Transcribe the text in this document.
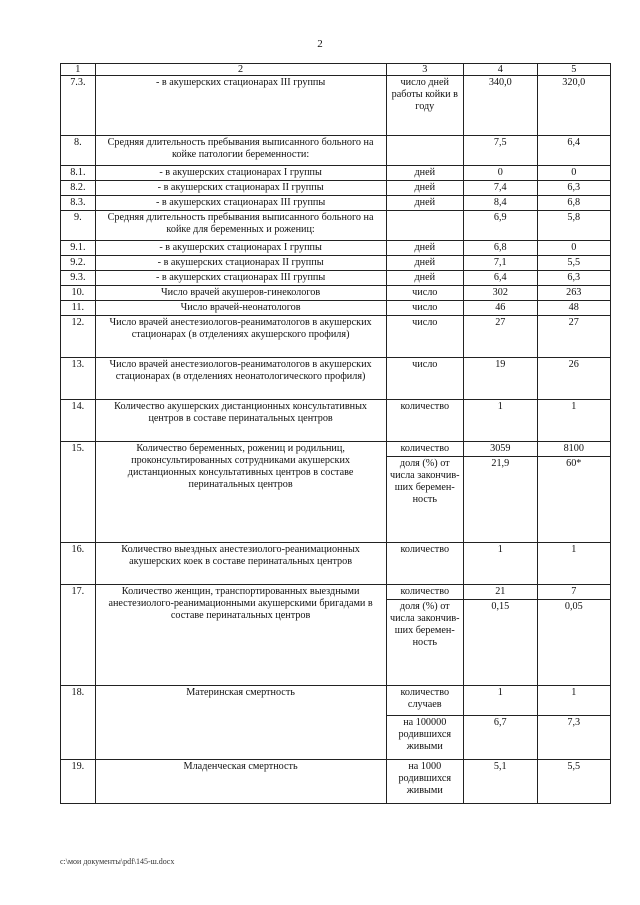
2
1	2	3	4	5
7.3.	- в акушерских стационарах III группы	число дней работы койки в году	340,0	320,0
8.	Средняя длительность пребывания выписанного больного на койке патологии беременности:		7,5	6,4
8.1.	- в акушерских стационарах I группы	дней	0	0
8.2.	- в акушерских стационарах II группы	дней	7,4	6,3
8.3.	- в акушерских стационарах III группы	дней	8,4	6,8
9.	Средняя длительность пребывания выписанного больного на койке для беременных и рожениц:		6,9	5,8
9.1.	- в акушерских стационарах I группы	дней	6,8	0
9.2.	- в акушерских стационарах II группы	дней	7,1	5,5
9.3.	- в акушерских стационарах III группы	дней	6,4	6,3
10.	Число врачей акушеров-гинекологов	число	302	263
11.	Число врачей-неонатологов	число	46	48
12.	Число врачей анестезиологов-реаниматологов в акушерских стационарах (в отделениях акушерского профиля)	число	27	27
13.	Число врачей анестезиологов-реаниматологов в акушерских стационарах (в отделениях неонатологического профиля)	число	19	26
14.	Количество акушерских дистанционных консультативных центров в составе перинатальных центров	количество	1	1
15.	Количество беременных, рожениц и родильниц, проконсультированных сотрудниками акушерских дистанционных консультативных центров в составе перинатальных центров	количество	3059	8100
		доля (%) от числа закончив-ших беремен-ность	21,9	60*
16.	Количество выездных анестезиолого-реанимационных акушерских коек в составе перинатальных центров	количество	1	1
17.	Количество женщин, транспортированных выездными анестезиолого-реанимационными акушерскими бригадами в составе перинатальных центров	количество	21	7
		доля (%) от числа закончив-ших беремен-ность	0,15	0,05
18.	Материнская смертность	количество случаев	1	1
		на 100000 родившихся живыми	6,7	7,3
19.	Младенческая смертность	на 1000 родившихся живыми	5,1	5,5
c:\мои документы\pdf\145-ш.docx
